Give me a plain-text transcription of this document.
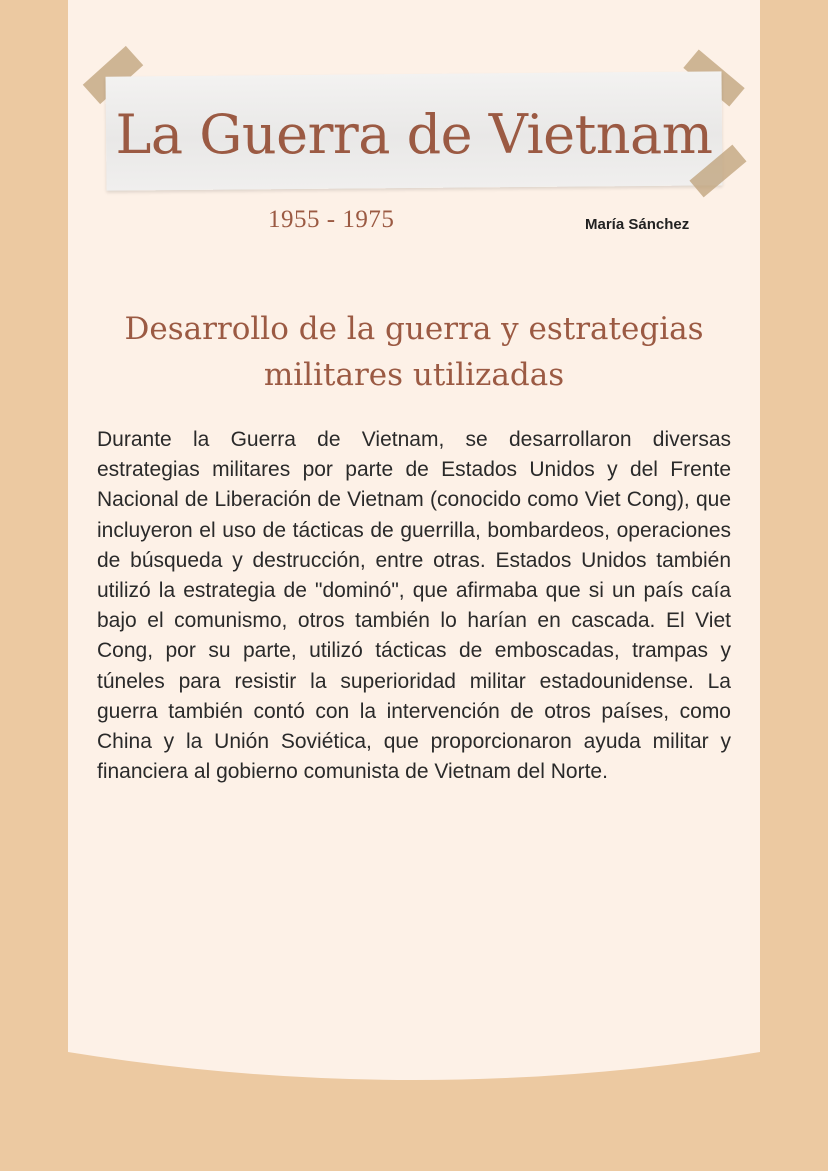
La Guerra de Vietnam
1955 - 1975	María Sánchez
Desarrollo de la guerra y estrategias militares utilizadas

Durante la Guerra de Vietnam, se desarrollaron diversas estrategias militares por parte de Estados Unidos y del Frente Nacional de Liberación de Vietnam (conocido como Viet Cong), que incluyeron el uso de tácticas de guerrilla, bombardeos, operaciones de búsqueda y destrucción, entre otras. Estados Unidos también utilizó la estrategia de "dominó", que afirmaba que si un país caía bajo el comunismo, otros también lo harían en cascada. El Viet Cong, por su parte, utilizó tácticas de emboscadas, trampas y túneles para resistir la superioridad militar estadounidense. La guerra también contó con la intervención de otros países, como China y la Unión Soviética, que proporcionaron ayuda militar y financiera al gobierno comunista de Vietnam del Norte.
